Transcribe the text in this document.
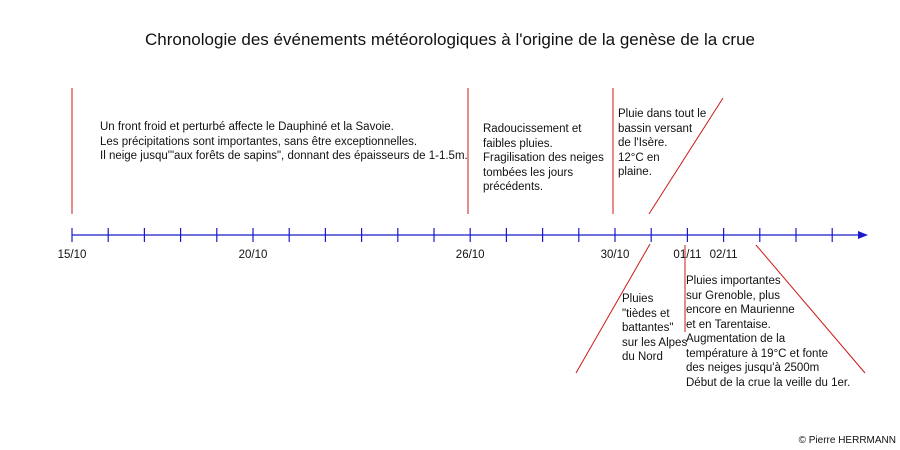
Chronologie des événements météorologiques à l'origine de la genèse de la crue
Un front froid et perturbé affecte le Dauphiné et la Savoie.
Les précipitations sont importantes, sans être exceptionnelles.
Il neige jusqu'"aux forêts de sapins", donnant des épaisseurs de 1-1.5m.
Radoucissement et
faibles pluies.
Fragilisation des neiges
tombées les jours
précédents.
Pluie dans tout le
bassin versant
de l'Isère.
12°C en
plaine.
Pluies
"tièdes et
battantes"
sur les Alpes
du Nord
Pluies importantes
sur Grenoble, plus
encore en Maurienne
et en Tarentaise.
Augmentation de la
température à 19°C et fonte
des neiges jusqu'à 2500m
Début de la crue la veille du 1er.
15/10	20/10	26/10	30/10	01/11 02/11
© Pierre HERRMANN
